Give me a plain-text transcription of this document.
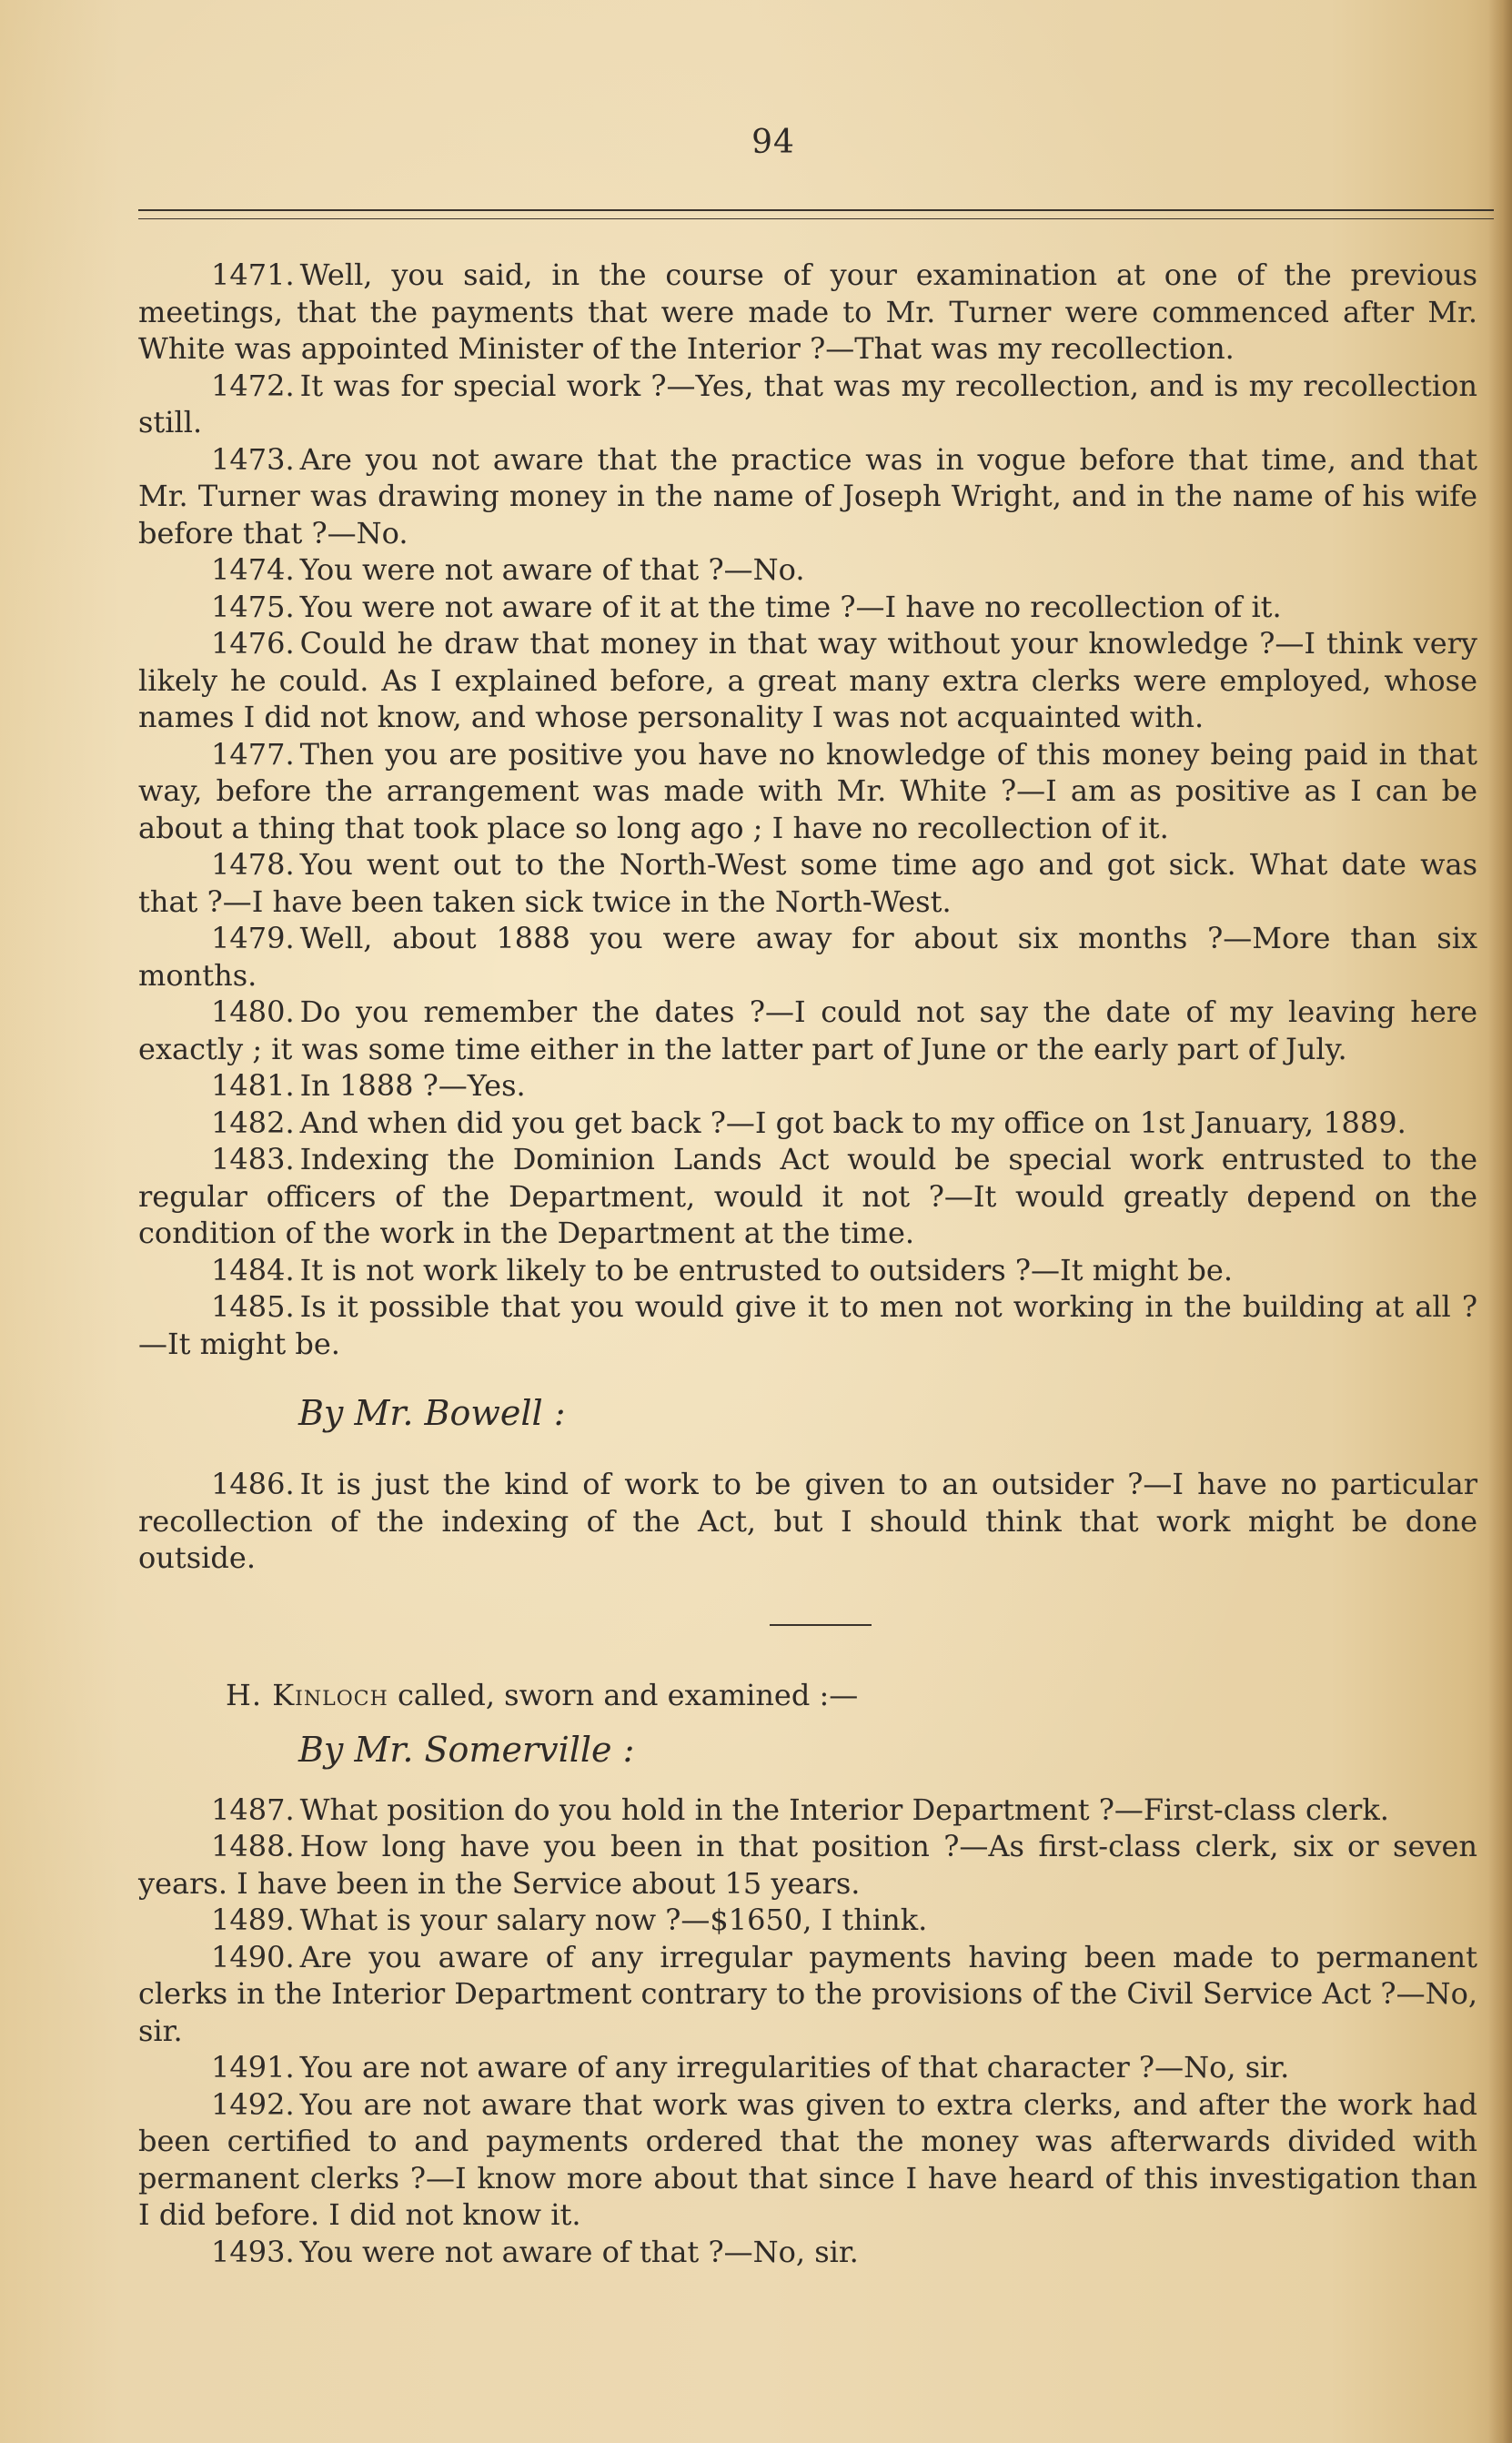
94

1471. Well, you said, in the course of your examination at one of the previous meetings, that the payments that were made to Mr. Turner were commenced after Mr. White was appointed Minister of the Interior ?—That was my recollection.

1472. It was for special work ?—Yes, that was my recollection, and is my recollection still.

1473. Are you not aware that the practice was in vogue before that time, and that Mr. Turner was drawing money in the name of Joseph Wright, and in the name of his wife before that ?—No.

1474. You were not aware of that ?—No.

1475. You were not aware of it at the time ?—I have no recollection of it.

1476. Could he draw that money in that way without your knowledge ?—I think very likely he could. As I explained before, a great many extra clerks were employed, whose names I did not know, and whose personality I was not acquainted with.

1477. Then you are positive you have no knowledge of this money being paid in that way, before the arrangement was made with Mr. White ?—I am as positive as I can be about a thing that took place so long ago ; I have no recollection of it.

1478. You went out to the North-West some time ago and got sick. What date was that ?—I have been taken sick twice in the North-West.

1479. Well, about 1888 you were away for about six months ?—More than six months.

1480. Do you remember the dates ?—I could not say the date of my leaving here exactly ; it was some time either in the latter part of June or the early part of July.

1481. In 1888 ?—Yes.

1482. And when did you get back ?—I got back to my office on 1st January, 1889.

1483. Indexing the Dominion Lands Act would be special work entrusted to the regular officers of the Department, would it not ?—It would greatly depend on the condition of the work in the Department at the time.

1484. It is not work likely to be entrusted to outsiders ?—It might be.

1485. Is it possible that you would give it to men not working in the building at all ?—It might be.

By Mr. Bowell :

1486. It is just the kind of work to be given to an outsider ?—I have no particular recollection of the indexing of the Act, but I should think that work might be done outside.

H. Kinloch called, sworn and examined :—

By Mr. Somerville :

1487. What position do you hold in the Interior Department ?—First-class clerk.

1488. How long have you been in that position ?—As first-class clerk, six or seven years. I have been in the Service about 15 years.

1489. What is your salary now ?—$1650, I think.

1490. Are you aware of any irregular payments having been made to permanent clerks in the Interior Department contrary to the provisions of the Civil Service Act ?—No, sir.

1491. You are not aware of any irregularities of that character ?—No, sir.

1492. You are not aware that work was given to extra clerks, and after the work had been certified to and payments ordered that the money was afterwards divided with permanent clerks ?—I know more about that since I have heard of this investigation than I did before. I did not know it.

1493. You were not aware of that ?—No, sir.
